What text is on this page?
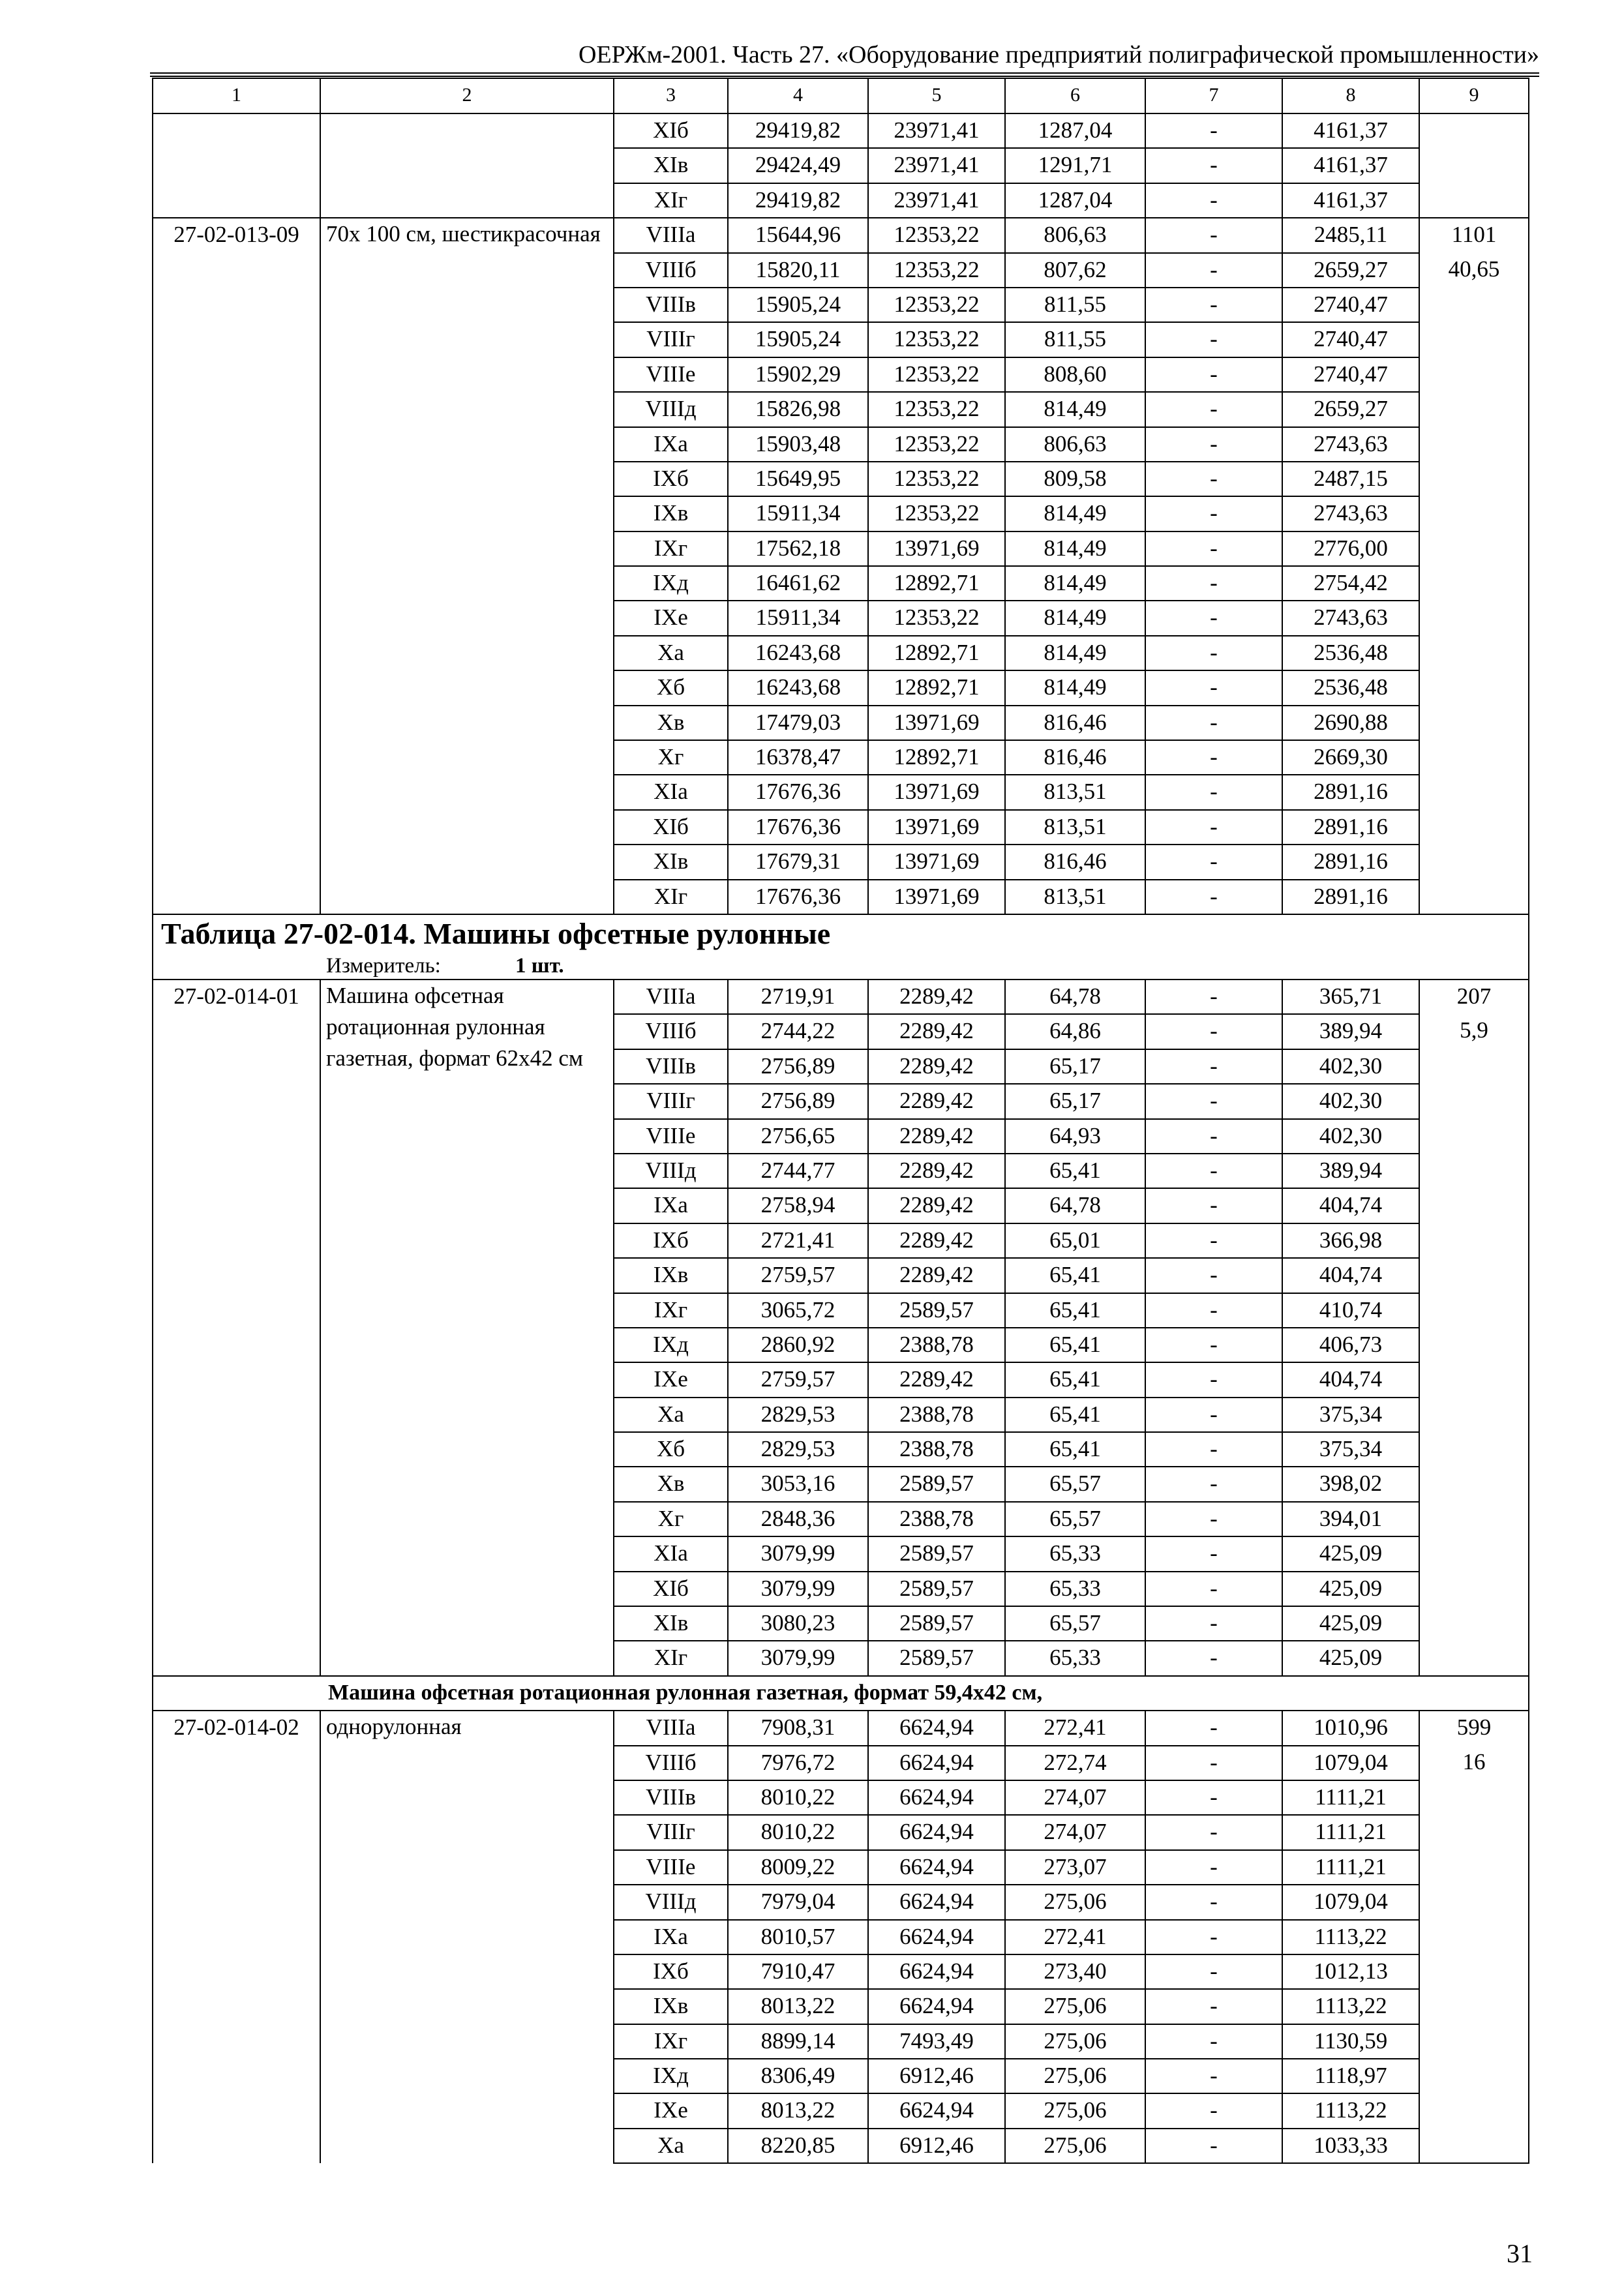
ОЕРЖм-2001. Часть 27. «Оборудование предприятий полиграфической промышленности»
1	2	3	4	5	6	7	8	9
		XIб	29419,82	23971,41	1287,04	-	4161,37	
		XIв	29424,49	23971,41	1291,71	-	4161,37	
		XIг	29419,82	23971,41	1287,04	-	4161,37	
27-02-013-09	70х 100 см, шестикрасочная	VIIIа	15644,96	12353,22	806,63	-	2485,11	1101
		VIIIб	15820,11	12353,22	807,62	-	2659,27	40,65
		VIIIв	15905,24	12353,22	811,55	-	2740,47	
		VIIIг	15905,24	12353,22	811,55	-	2740,47	
		VIIIе	15902,29	12353,22	808,60	-	2740,47	
		VIIIд	15826,98	12353,22	814,49	-	2659,27	
		IXа	15903,48	12353,22	806,63	-	2743,63	
		IXб	15649,95	12353,22	809,58	-	2487,15	
		IXв	15911,34	12353,22	814,49	-	2743,63	
		IXг	17562,18	13971,69	814,49	-	2776,00	
		IXд	16461,62	12892,71	814,49	-	2754,42	
		IXе	15911,34	12353,22	814,49	-	2743,63	
		Xа	16243,68	12892,71	814,49	-	2536,48	
		Xб	16243,68	12892,71	814,49	-	2536,48	
		Xв	17479,03	13971,69	816,46	-	2690,88	
		Xг	16378,47	12892,71	816,46	-	2669,30	
		XIа	17676,36	13971,69	813,51	-	2891,16	
		XIб	17676,36	13971,69	813,51	-	2891,16	
		XIв	17679,31	13971,69	816,46	-	2891,16	
		XIг	17676,36	13971,69	813,51	-	2891,16	

Таблица 27-02-014. Машины офсетные рулонные
Измеритель: 1 шт.								

27-02-014-01	Машина офсетная ротационная рулонная газетная, формат 62х42 см	VIIIа	2719,91	2289,42	64,78	-	365,71	207
		VIIIб	2744,22	2289,42	64,86	-	389,94	5,9
		VIIIв	2756,89	2289,42	65,17	-	402,30	
		VIIIг	2756,89	2289,42	65,17	-	402,30	
		VIIIе	2756,65	2289,42	64,93	-	402,30	
		VIIIд	2744,77	2289,42	65,41	-	389,94	
		IXа	2758,94	2289,42	64,78	-	404,74	
		IXб	2721,41	2289,42	65,01	-	366,98	
		IXв	2759,57	2289,42	65,41	-	404,74	
		IXг	3065,72	2589,57	65,41	-	410,74	
		IXд	2860,92	2388,78	65,41	-	406,73	
		IXе	2759,57	2289,42	65,41	-	404,74	
		Xа	2829,53	2388,78	65,41	-	375,34	
		Xб	2829,53	2388,78	65,41	-	375,34	
		Xв	3053,16	2589,57	65,57	-	398,02	
		Xг	2848,36	2388,78	65,57	-	394,01	
		XIа	3079,99	2589,57	65,33	-	425,09	
		XIб	3079,99	2589,57	65,33	-	425,09	
		XIв	3080,23	2589,57	65,57	-	425,09	
		XIг	3079,99	2589,57	65,33	-	425,09	
Машина офсетная ротационная рулонная газетная, формат 59,4х42 см,								
27-02-014-02	однорулонная	VIIIа	7908,31	6624,94	272,41	-	1010,96	599
		VIIIб	7976,72	6624,94	272,74	-	1079,04	16
		VIIIв	8010,22	6624,94	274,07	-	1111,21	
		VIIIг	8010,22	6624,94	274,07	-	1111,21	
		VIIIе	8009,22	6624,94	273,07	-	1111,21	
		VIIIд	7979,04	6624,94	275,06	-	1079,04	
		IXа	8010,57	6624,94	272,41	-	1113,22	
		IXб	7910,47	6624,94	273,40	-	1012,13	
		IXв	8013,22	6624,94	275,06	-	1113,22	
		IXг	8899,14	7493,49	275,06	-	1130,59	
		IXд	8306,49	6912,46	275,06	-	1118,97	
		IXе	8013,22	6624,94	275,06	-	1113,22	
		Xа	8220,85	6912,46	275,06	-	1033,33	
31
